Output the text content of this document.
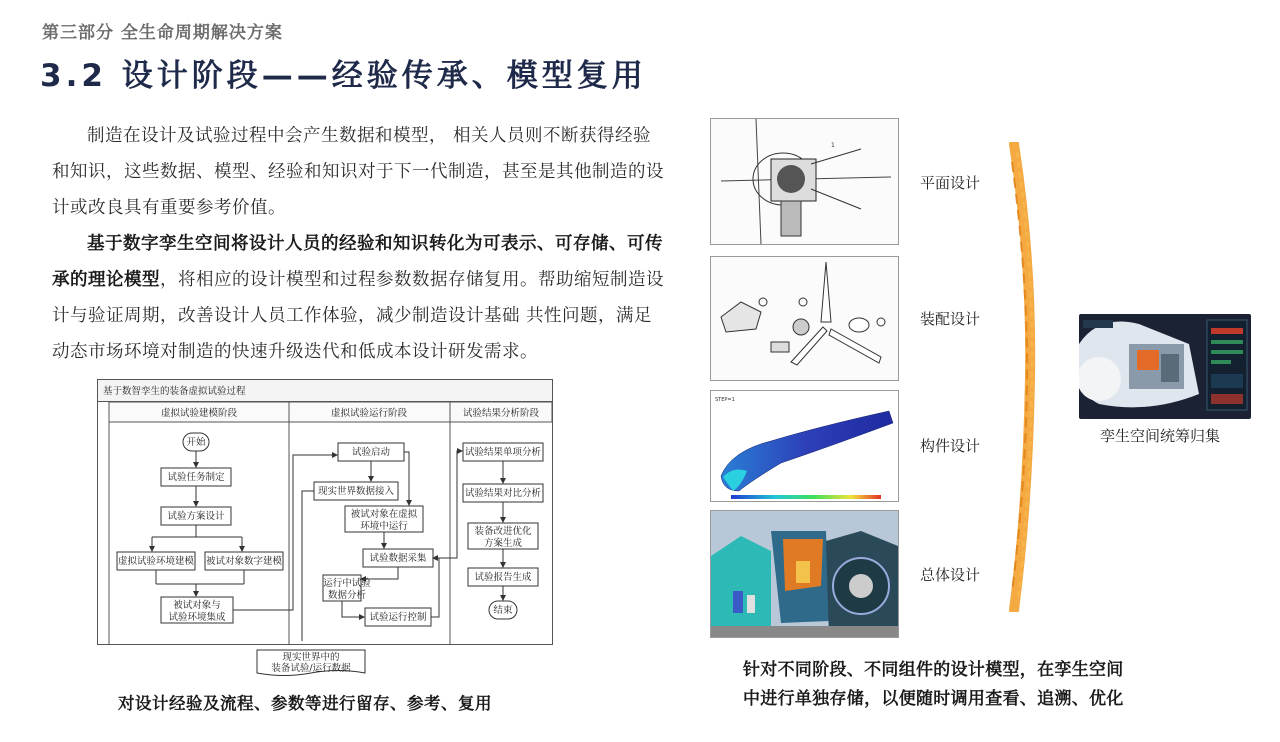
第三部分 全生命周期解决方案
3.2 设计阶段——经验传承、模型复用

制造在设计及试验过程中会产生数据和模型， 相关人员则不断获得经验和知识，这些数据、模型、经验和知识对于下一代制造，甚至是其他制造的设 计或改良具有重要参考价值。

基于数字孪生空间将设计人员的经验和知识转化为可表示、可存储、可传承的理论模型，将相应的设计模型和过程参数数据存储复用。帮助缩短制造设计与验证周期，改善设计人员工作体验，减少制造设计基础 共性问题，满足动态市场环境对制造的快速升级迭代和低成本设计研发需求。

基于数智孪生的装备虚拟试验过程
虚拟试验建模阶段	虚拟试验运行阶段	试验结果分析阶段
开始
试验任务制定
试验方案设计
虚拟试验环境建模 被试对象数字建模
被试对象与
试验环境集成
试验启动
现实世界数据接入
被试对象在虚拟
环境中运行
试验数据采集
运行中试验
数据分析
试验运行控制
试验结果单项分析
试验结果对比分析
装备改进优化
方案生成
试验报告生成
结束
现实世界中的
装备试验/运行数据
对设计经验及流程、参数等进行留存、参考、复用
1
平面设计
装配设计
STEP=1
构件设计
总体设计
孪生空间统筹归集
针对不同阶段、不同组件的设计模型，在孪生空间
中进行单独存储，以便随时调用查看、追溯、优化
